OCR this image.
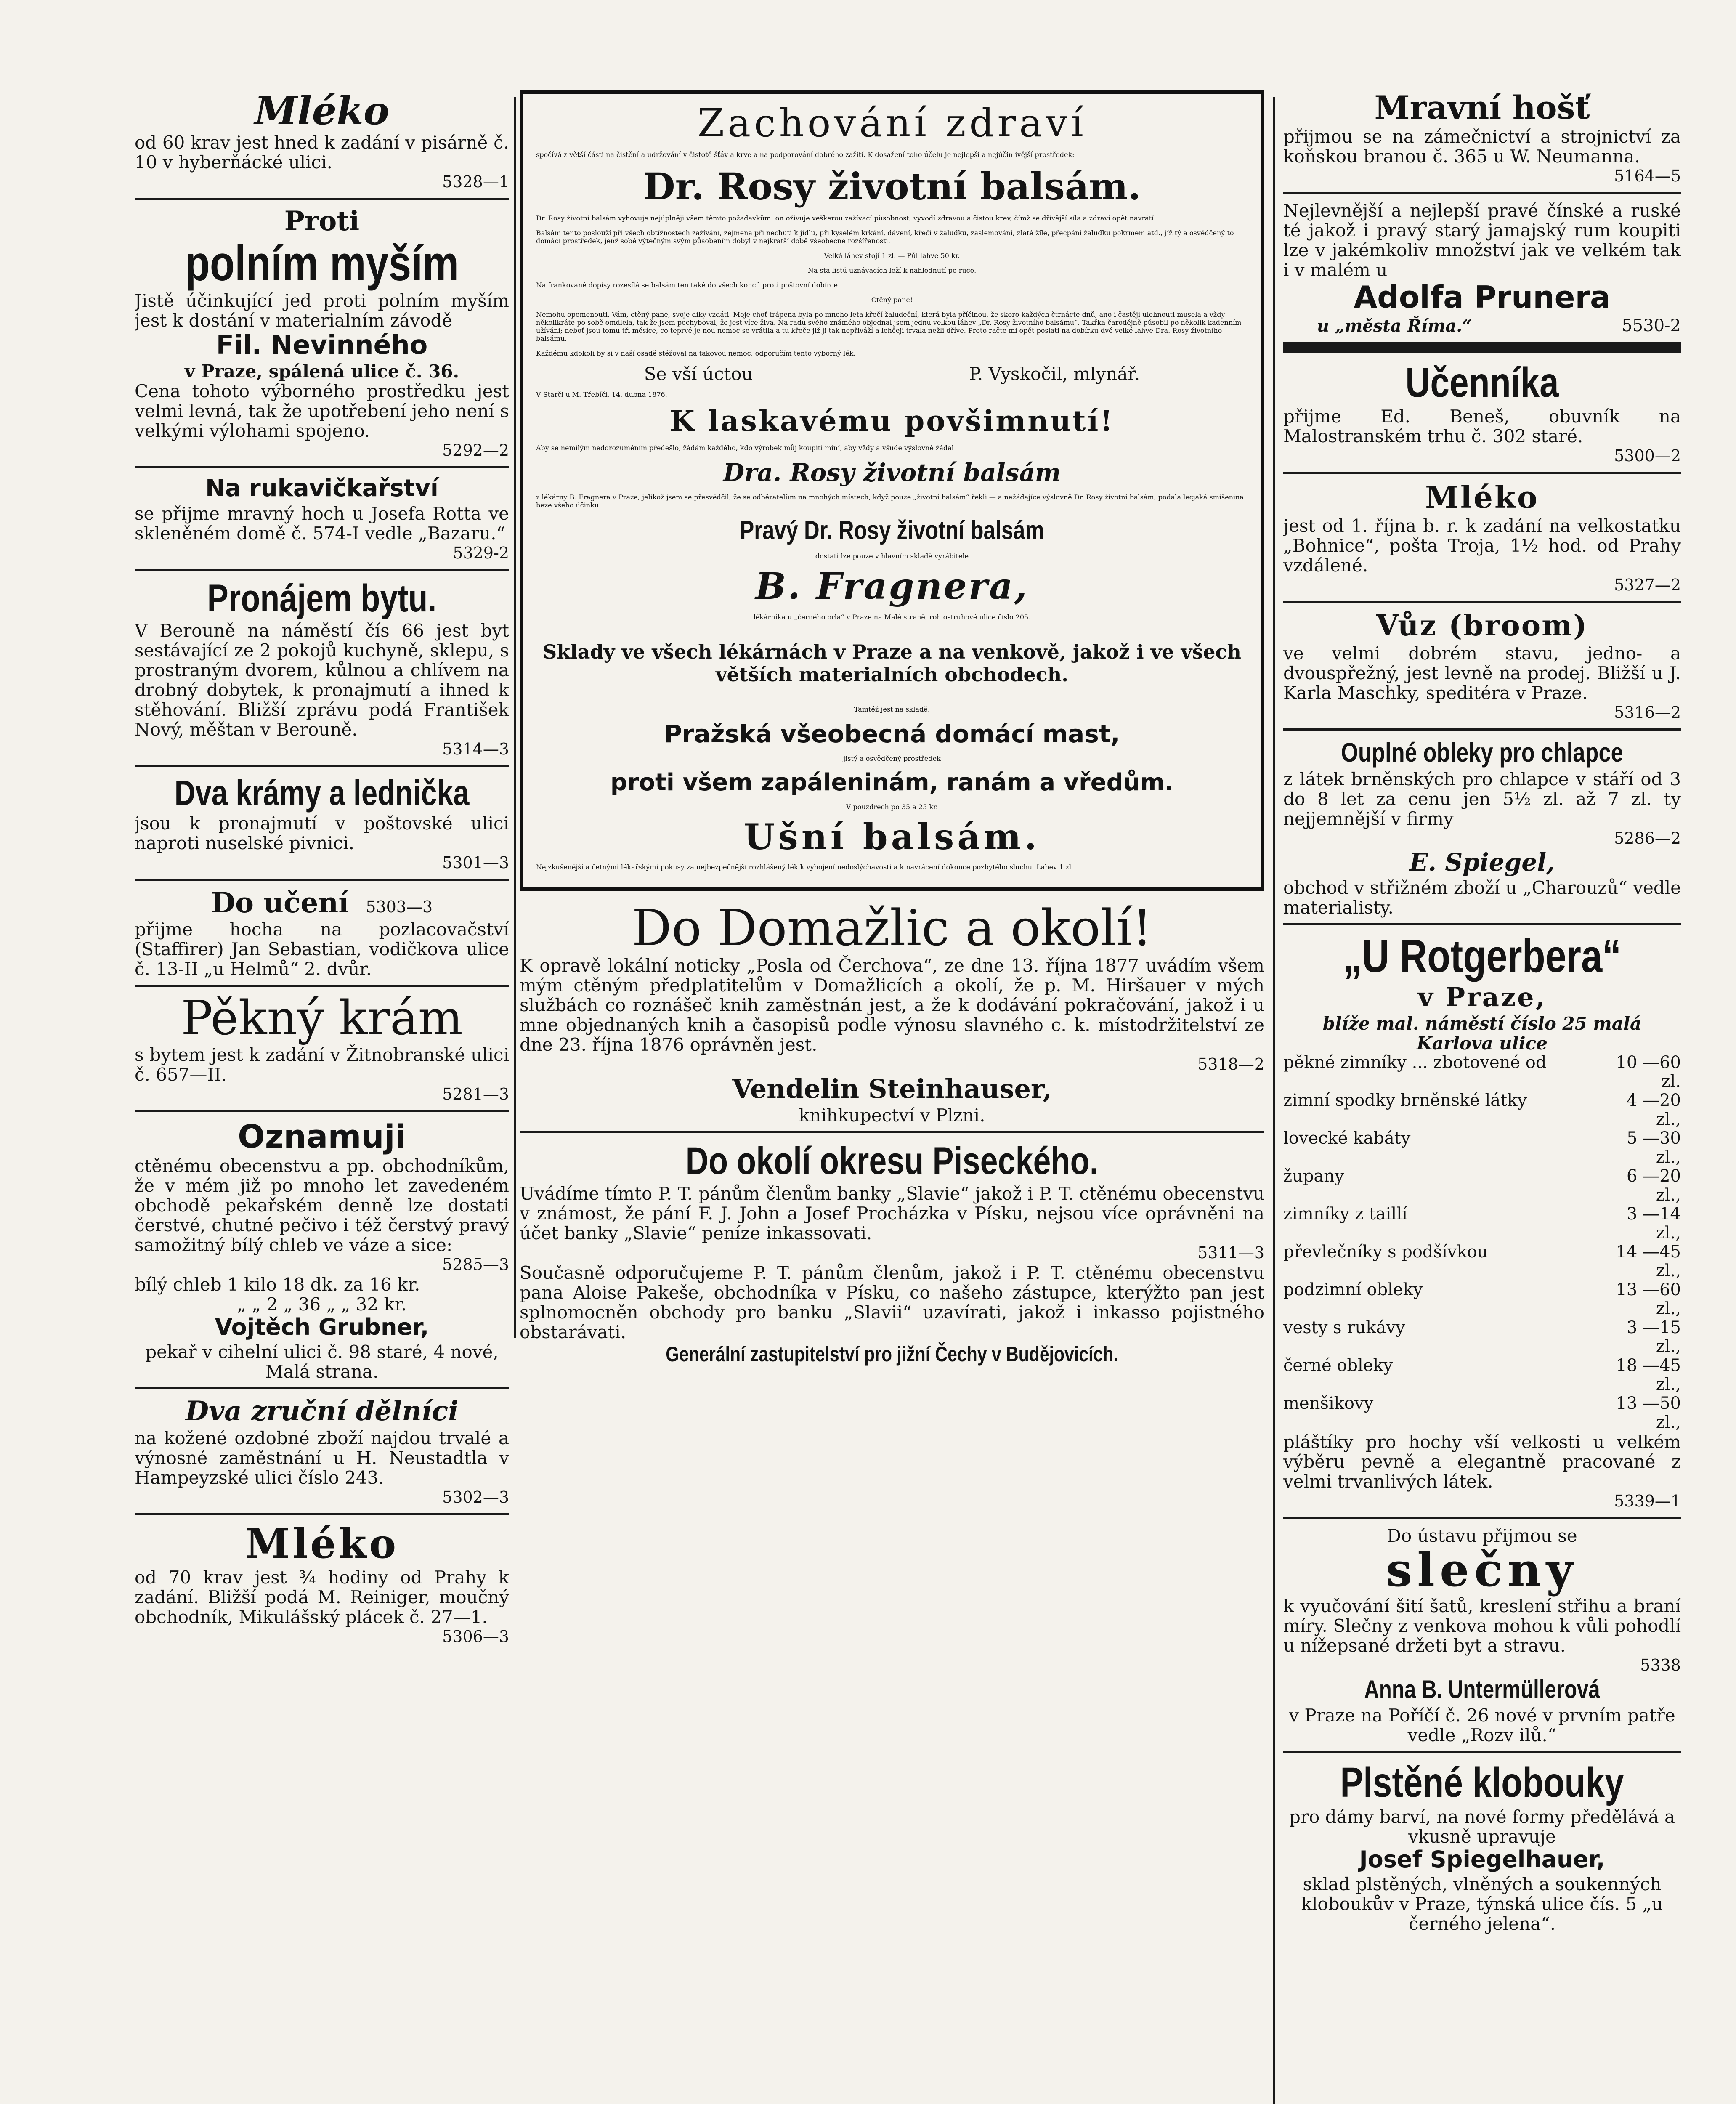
Mléko

od 60 krav jest hned k zadání v pisárně č. 10 v hyberňácké ulici.

5328—1

Proti
polním myším

Jistě účinkující jed proti polním myším jest k dostání v materialním závodě

Fil. Nevinného

v Praze, spálená ulice č. 36.

Cena tohoto výborného prostředku jest velmi levná, tak že upotřebení jeho není s velkými výlohami spojeno.

5292—2

Na rukavičkařství

se přijme mravný hoch u Josefa Rotta ve skleněném domě č. 574-I vedle „Bazaru.“

5329-2

Pronájem bytu.

V Berouně na náměstí čís 66 jest byt sestávající ze 2 pokojů kuchyně, sklepu, s prostraným dvorem, kůlnou a chlívem na drobný dobytek, k pronajmutí a ihned k stěhování. Bližší zprávu podá František Nový, měštan v Berouně.

5314—3

Dva krámy a lednička

jsou k pronajmutí v poštovské ulici naproti nuselské pivnici.

5301—3

Do učení 5303—3

přijme hocha na pozlacovačství (Staffirer) Jan Sebastian, vodičkova ulice č. 13-II „u Helmů“ 2. dvůr.

Pěkný krám

s bytem jest k zadání v Žitnobranské ulici č. 657—II.

5281—3

Oznamuji

ctěnému obecenstvu a pp. obchodníkům, že v mém již po mnoho let zavedeném obchodě pekařském denně lze dostati čerstvé, chutné pečivo i též čerstvý pravý samožitný bílý chleb ve váze a sice:

5285—3

bílý chleb 1 kilo 18 dk. za 16 kr.

„ „ 2 „ 36 „ „ 32 kr.

Vojtěch Grubner,

pekař v cihelní ulici č. 98 staré, 4 nové, Malá strana.

Dva zruční dělníci

na kožené ozdobné zboží najdou trvalé a výnosné zaměstnání u H. Neustadtla v Hampeyzské ulici číslo 243.

5302—3

Mléko

od 70 krav jest ¾ hodiny od Prahy k zadání. Bližší podá M. Reiniger, moučný obchodník, Mikulášský plácek č. 27—1.

5306—3

Zachování zdraví

spočívá z větší části na čistění a udržování v čistotě šťáv a krve a na podporování dobrého zažití. K dosažení toho účelu je nejlepší a nejúčinlivější prostředek:

Dr. Rosy životní balsám.

Dr. Rosy životní balsám vyhovuje nejúplněji všem těmto požadavkům: on oživuje veškerou zažívací působnost, vyvodí zdravou a čistou krev, čímž se dřívější síla a zdraví opět navrátí.

Balsám tento poslouží při všech obtížnostech zažívání, zejmena při nechuti k jídlu, při kyselém krkání, dávení, křeči v žaludku, zaslemování, zlaté žíle, přecpání žaludku pokrmem atd., jíž tý a osvědčený to domácí prostředek, jenž sobě výtečným svým působením dobyl v nejkratší době všeobecné rozšířenosti.

Velká láhev stojí 1 zl. — Půl lahve 50 kr.

Na sta listů uznávacích leží k nahlednutí po ruce.

Na frankované dopisy rozesílá se balsám ten také do všech konců proti poštovní dobírce.

Ctěný pane!

Nemohu opomenouti, Vám, ctěný pane, svoje díky vzdáti. Moje choť trápena byla po mnoho leta křečí žaludeční, která byla příčinou, že skoro každých čtrnácte dnů, ano i častěji ulehnouti musela a vždy několikráte po sobě omdlela, tak že jsem pochyboval, že jest více živa. Na radu svého známého objednal jsem jednu velkou láhev „Dr. Rosy životního balsámu“. Takřka čarodějně působil po několik kadenním užívání; neboť jsou tomu tři měsíce, co teprvé je nou nemoc se vrátila a tu křeče již ji tak nepřiváží a lehčeji trvala nežli dříve. Proto račte mi opět poslati na dobírku dvě velké lahve Dra. Rosy životního balsámu.

Každému kdokoli by si v naší osadě stěžoval na takovou nemoc, odporučím tento výborný lék.

Se vší úctou	P. Vyskočil, mlynář.

V Starči u M. Třebíči, 14. dubna 1876.

K laskavému povšimnutí!

Aby se nemilým nedorozuměním předešlo, žádám každého, kdo výrobek můj koupiti míní, aby vždy a všude výslovně žádal

Dra. Rosy životní balsám

z lékárny B. Fragnera v Praze, jelikož jsem se přesvědčil, že se odběratelům na mnohých místech, když pouze „životní balsám“ řekli — a nežádajíce výslovně Dr. Rosy životní balsám, podala lecjaká smíšenina beze všeho účinku.

Pravý Dr. Rosy životní balsám

dostati lze pouze v hlavním skladě vyrábitele

B. Fragnera,

lékárníka u „černého orla“ v Praze na Malé straně, roh ostruhové ulice číslo 205.

Sklady ve všech lékárnách v Praze a na venkově, jakož i ve všech větších materialních obchodech.

Tamtéž jest na skladě:

Pražská všeobecná domácí mast,

jistý a osvědčený prostředek

proti všem zapáleninám, ranám a vředům.

V pouzdrech po 35 a 25 kr.

Ušní balsám.

Nejzkušenější a četnými lékařskými pokusy za nejbezpečnější rozhlášený lék k vyhojení nedoslýchavosti a k navrácení dokonce pozbytého sluchu. Láhev 1 zl.

Do Domažlic a okolí!

K opravě lokální noticky „Posla od Čerchova“, ze dne 13. října 1877 uvádím všem mým ctěným předplatitelům v Domažlicích a okolí, že p. M. Hiršauer v mých službách co roznášeč knih zaměstnán jest, a že k dodávání pokračování, jakož i u mne objednaných knih a časopisů podle výnosu slavného c. k. místodržitelství ze dne 23. října 1876 oprávněn jest.

5318—2

Vendelin Steinhauser,

knihkupectví v Plzni.

Do okolí okresu Piseckého.

Uvádíme tímto P. T. pánům členům banky „Slavie“ jakož i P. T. ctěnému obecenstvu v známost, že pání F. J. John a Josef Procházka v Písku, nejsou více oprávněni na účet banky „Slavie“ peníze inkassovati.

5311—3

Současně odporučujeme P. T. pánům členům, jakož i P. T. ctěnému obecenstvu pana Aloise Pakeše, obchodníka v Písku, co našeho zástupce, kterýžto pan jest splnomocněn obchody pro banku „Slavii“ uzavírati, jakož i inkasso pojistného obstarávati.

Generální zastupitelství pro jižní Čechy v Budějovicích.
Mravní hošť

přijmou se na zámečnictví a strojnictví za koňskou branou č. 365 u W. Neumanna.

5164—5

Nejlevnější a nejlepší pravé čínské a ruské té jakož i pravý starý jamajský rum koupiti lze v jakémkoliv množství jak ve velkém tak i v malém u

Adolfa Prunera
u „města Říma.“	5530-2
Učenníka

přijme Ed. Beneš, obuvník na Malostranském trhu č. 302 staré.

5300—2

Mléko

jest od 1. října b. r. k zadání na velkostatku „Bohnice“, pošta Troja, 1½ hod. od Prahy vzdálené.

5327—2

Vůz (broom)

ve velmi dobrém stavu, jedno- a dvouspřežný, jest levně na prodej. Bližší u J. Karla Maschky, speditéra v Praze.

5316—2

Ouplné obleky pro chlapce

z látek brněnských pro chlapce v stáří od 3 do 8 let za cenu jen 5½ zl. až 7 zl. ty nejjemnější v firmy

5286—2

E. Spiegel,

obchod v střižném zboží u „Charouzů“ vedle materialisty.

„U Rotgerbera“
v Praze,

blíže mal. náměstí číslo 25 malá Karlova ulice

pěkné zimníky ... zbotovené od	10 —60 zl.
zimní spodky brněnské látky	4 —20 zl.,
lovecké kabáty	5 —30 zl.,
župany	6 —20 zl.,
zimníky z taillí	3 —14 zl.,
převlečníky s podšívkou	14 —45 zl.,
podzimní obleky	13 —60 zl.,
vesty s rukávy	3 —15 zl.,
černé obleky	18 —45 zl.,
menšikovy	13 —50 zl.,

pláštíky pro hochy vší velkosti u velkém výběru pevně a elegantně pracované z velmi trvanlivých látek.

5339—1

Do ústavu přijmou se

slečny

k vyučování šití šatů, kreslení střihu a braní míry. Slečny z venkova mohou k vůli pohodlí u nížepsané držeti byt a stravu.

5338

Anna B. Untermüllerová

v Praze na Poříčí č. 26 nové v prvním patře vedle „Rozv ilů.“

Plstěné klobouky

pro dámy barví, na nové formy předělává a vkusně upravuje

Josef Spiegelhauer,

sklad plstěných, vlněných a soukenných kloboukův v Praze, týnská ulice čís. 5 „u černého jelena“.
